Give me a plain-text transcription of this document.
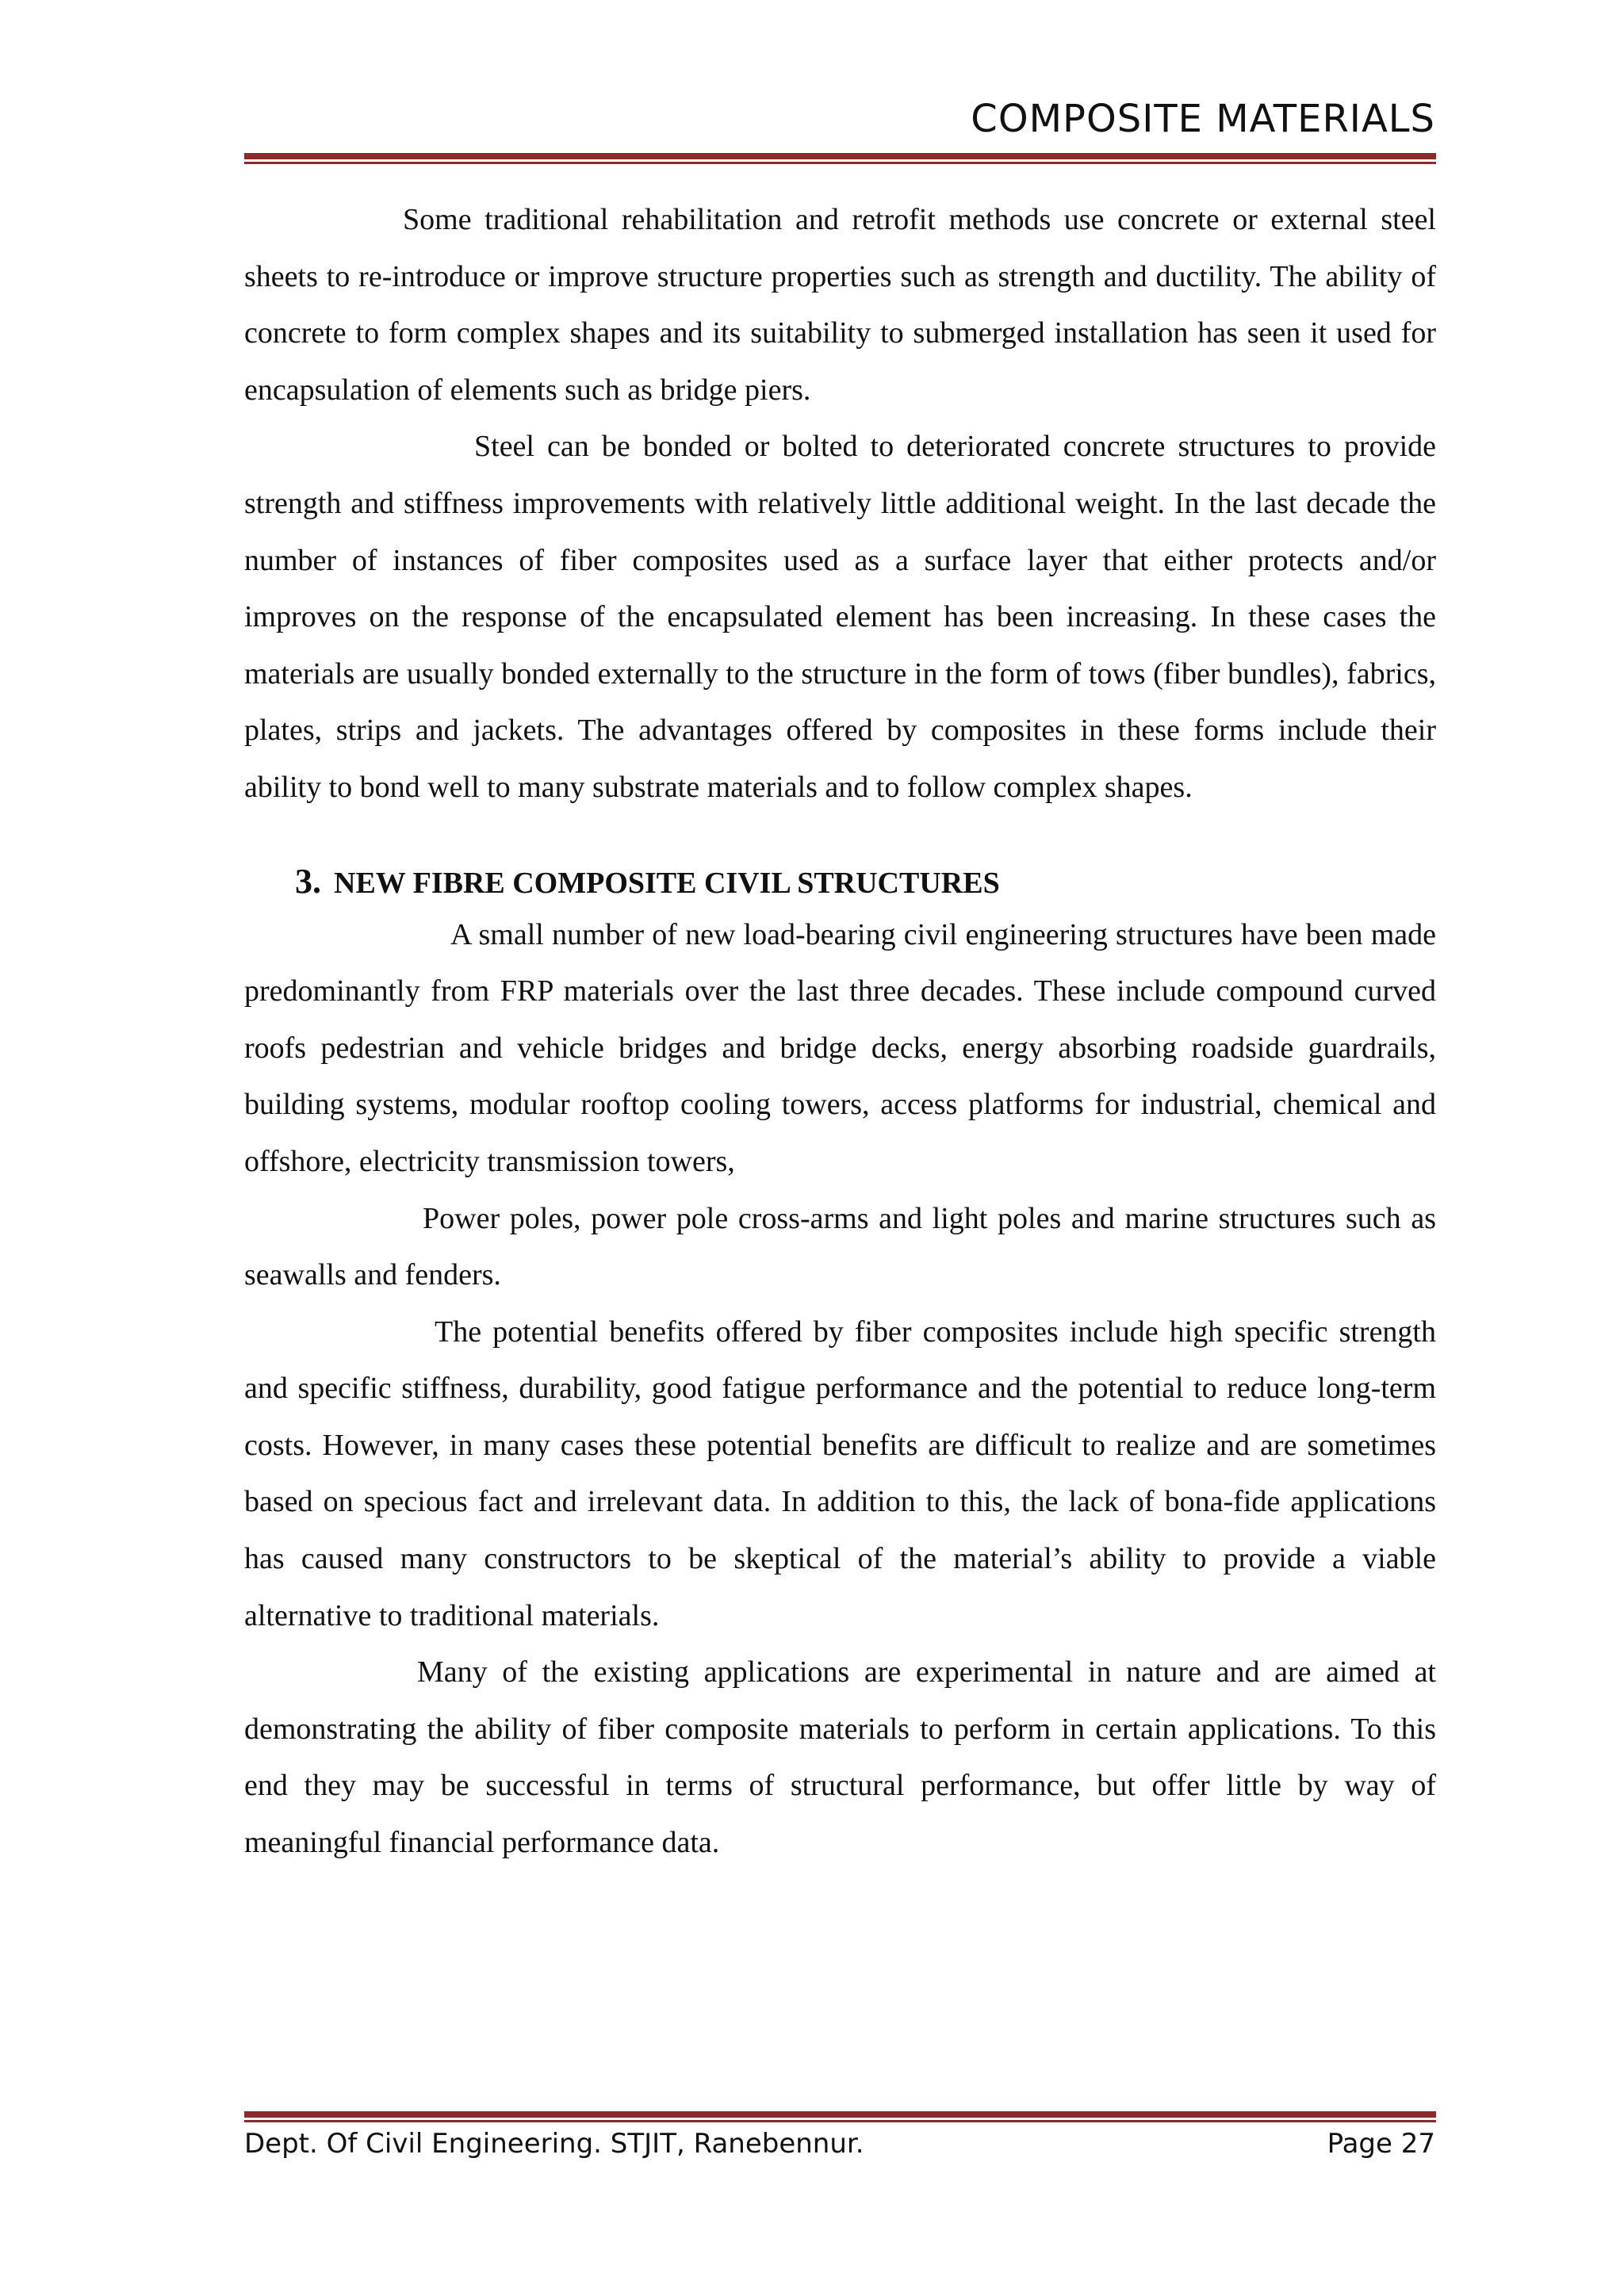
COMPOSITE MATERIALS

Some traditional rehabilitation and retrofit methods use concrete or external steel sheets to re-introduce or improve structure properties such as strength and ductility. The ability of concrete to form complex shapes and its suitability to submerged installation has seen it used for encapsulation of elements such as bridge piers.

Steel can be bonded or bolted to deteriorated concrete structures to provide strength and stiffness improvements with relatively little additional weight. In the last decade the number of instances of fiber composites used as a surface layer that either protects and/or improves on the response of the encapsulated element has been increasing. In these cases the materials are usually bonded externally to the structure in the form of tows (fiber bundles), fabrics, plates, strips and jackets. The advantages offered by composites in these forms include their ability to bond well to many substrate materials and to follow complex shapes.

3. NEW FIBRE COMPOSITE CIVIL STRUCTURES

A small number of new load-bearing civil engineering structures have been made predominantly from FRP materials over the last three decades. These include compound curved roofs pedestrian and vehicle bridges and bridge decks, energy absorbing roadside guardrails, building systems, modular rooftop cooling towers, access platforms for industrial, chemical and offshore, electricity transmission towers,

Power poles, power pole cross-arms and light poles and marine structures such as seawalls and fenders.

The potential benefits offered by fiber composites include high specific strength and specific stiffness, durability, good fatigue performance and the potential to reduce long-term costs. However, in many cases these potential benefits are difficult to realize and are sometimes based on specious fact and irrelevant data. In addition to this, the lack of bona-fide applications has caused many constructors to be skeptical of the material’s ability to provide a viable alternative to traditional materials.

Many of the existing applications are experimental in nature and are aimed at demonstrating the ability of fiber composite materials to perform in certain applications. To this end they may be successful in terms of structural performance, but offer little by way of meaningful financial performance data.

Dept. Of Civil Engineering. STJIT, Ranebennur.	Page 27
